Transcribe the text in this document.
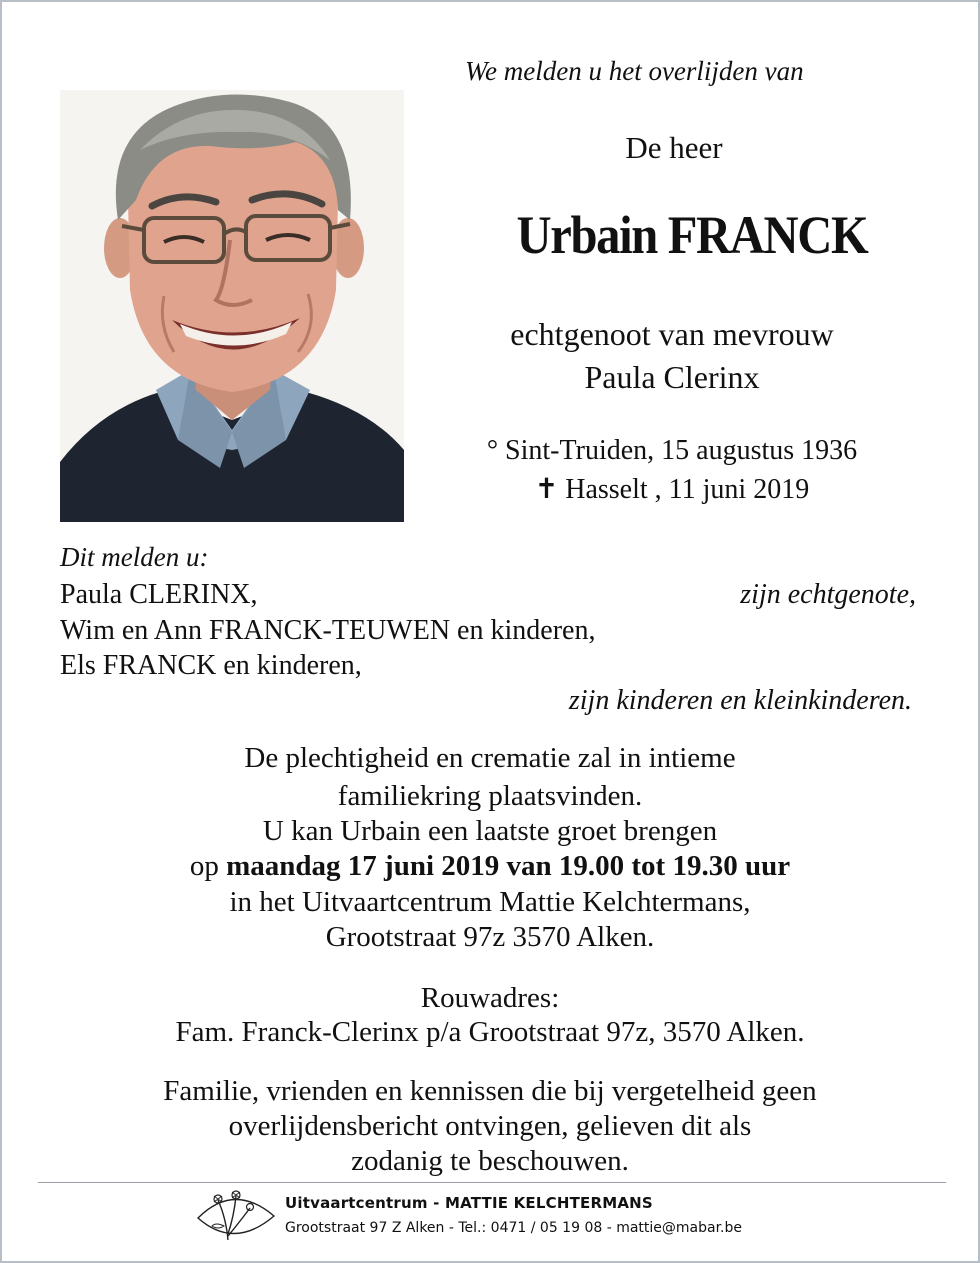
We melden u het overlijden van
De heer
Urbain FRANCK
echtgenoot van mevrouw
Paula Clerinx
° Sint-Truiden, 15 augustus 1936
✝ Hasselt , 11 juni 2019
Dit melden u:
Paula CLERINX,	zijn echtgenote,
Wim en Ann FRANCK-TEUWEN en kinderen,
Els FRANCK en kinderen,
zijn kinderen en kleinkinderen.
De plechtigheid en crematie zal in intieme
familiekring plaatsvinden.
U kan Urbain een laatste groet brengen
op maandag 17 juni 2019 van 19.00 tot 19.30 uur
in het Uitvaartcentrum Mattie Kelchtermans,
Grootstraat 97z 3570 Alken.
Rouwadres:
Fam. Franck-Clerinx p/a Grootstraat 97z, 3570 Alken.
Familie, vrienden en kennissen die bij vergetelheid geen
overlijdensbericht ontvingen, gelieven dit als
zodanig te beschouwen.
Uitvaartcentrum - MATTIE KELCHTERMANS
Grootstraat 97 Z Alken - Tel.: 0471 / 05 19 08 - mattie@mabar.be
